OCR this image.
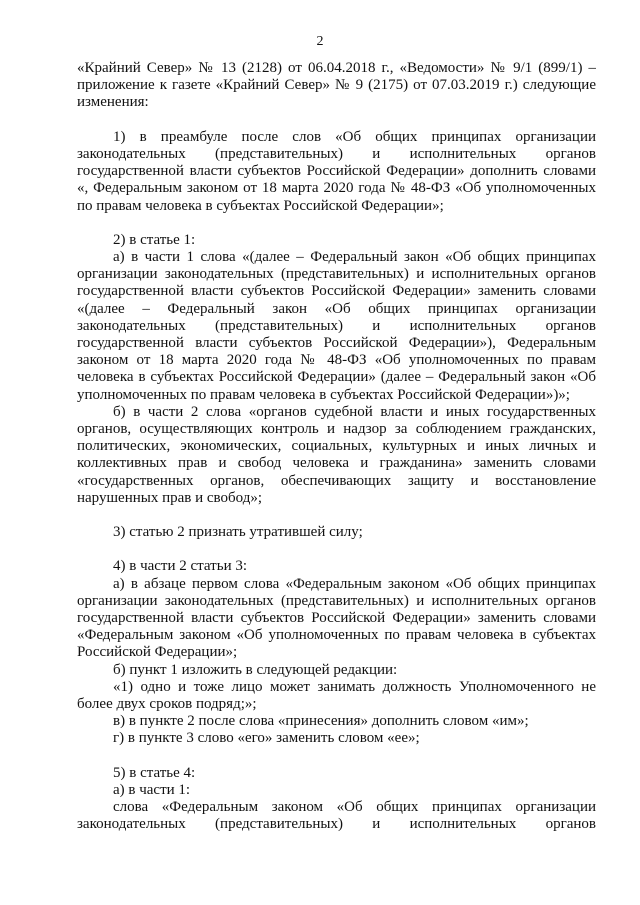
2
«Крайний Север» № 13 (2128) от 06.04.2018 г., «Ведомости» № 9/1 (899/1) –
приложение к газете «Крайний Север» № 9 (2175) от 07.03.2019 г.) следующие
изменения:
1) в преамбуле после слов «Об общих принципах организации
законодательных (представительных) и исполнительных органов
государственной власти субъектов Российской Федерации» дополнить словами
«, Федеральным законом от 18 марта 2020 года № 48-ФЗ «Об уполномоченных
по правам человека в субъектах Российской Федерации»;
2) в статье 1:
а) в части 1 слова «(далее – Федеральный закон «Об общих принципах
организации законодательных (представительных) и исполнительных органов
государственной власти субъектов Российской Федерации» заменить словами
«(далее – Федеральный закон «Об общих принципах организации
законодательных (представительных) и исполнительных органов
государственной власти субъектов Российской Федерации»), Федеральным
законом от 18 марта 2020 года № 48-ФЗ «Об уполномоченных по правам
человека в субъектах Российской Федерации» (далее – Федеральный закон «Об
уполномоченных по правам человека в субъектах Российской Федерации»)»;
б) в части 2 слова «органов судебной власти и иных государственных
органов, осуществляющих контроль и надзор за соблюдением гражданских,
политических, экономических, социальных, культурных и иных личных и
коллективных прав и свобод человека и гражданина» заменить словами
«государственных органов, обеспечивающих защиту и восстановление
нарушенных прав и свобод»;
3) статью 2 признать утратившей силу;
4) в части 2 статьи 3:
а) в абзаце первом слова «Федеральным законом «Об общих принципах
организации законодательных (представительных) и исполнительных органов
государственной власти субъектов Российской Федерации» заменить словами
«Федеральным законом «Об уполномоченных по правам человека в субъектах
Российской Федерации»;
б) пункт 1 изложить в следующей редакции:
«1) одно и тоже лицо может занимать должность Уполномоченного не
более двух сроков подряд;»;
в) в пункте 2 после слова «принесения» дополнить словом «им»;
г) в пункте 3 слово «его» заменить словом «ее»;
5) в статье 4:
а) в части 1:
слова «Федеральным законом «Об общих принципах организации
законодательных (представительных) и исполнительных органов
